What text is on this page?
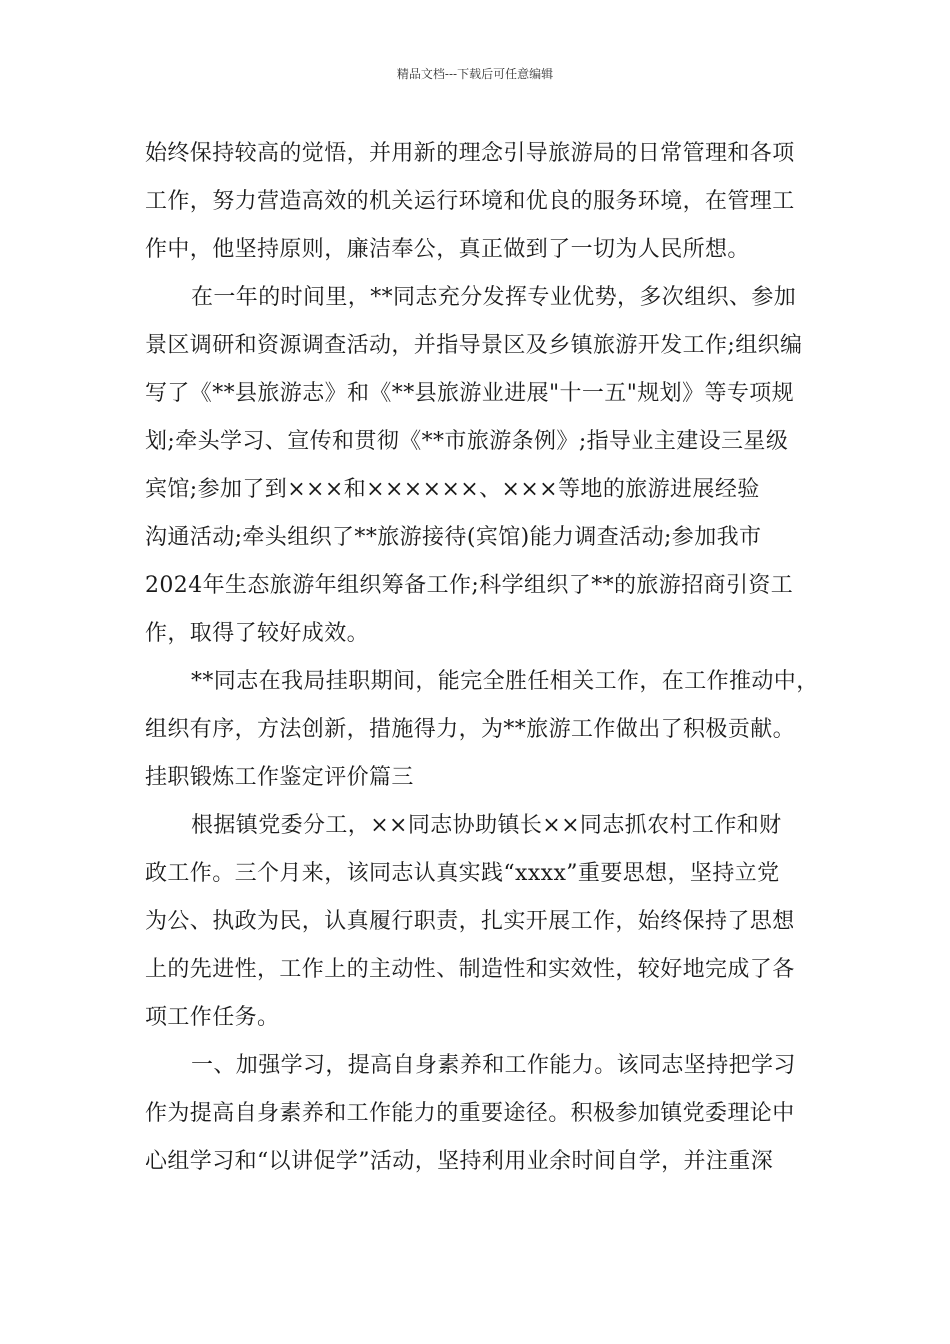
精品文档---下载后可任意编辑
始终保持较高的觉悟，并用新的理念引导旅游局的日常管理和各项
工作，努力营造高效的机关运行环境和优良的服务环境，在管理工
作中，他坚持原则，廉洁奉公，真正做到了一切为人民所想。
在一年的时间里，**同志充分发挥专业优势，多次组织、参加
景区调研和资源调查活动，并指导景区及乡镇旅游开发工作;组织编
写了《**县旅游志》和《**县旅游业进展"十一五"规划》等专项规
划;牵头学习、宣传和贯彻《**市旅游条例》;指导业主建设三星级
宾馆;参加了到×××和××××××、×××等地的旅游进展经验
沟通活动;牵头组织了**旅游接待(宾馆)能力调查活动;参加我市
2024年生态旅游年组织筹备工作;科学组织了**的旅游招商引资工
作，取得了较好成效。
**同志在我局挂职期间，能完全胜任相关工作，在工作推动中，
组织有序，方法创新，措施得力，为**旅游工作做出了积极贡献。
挂职锻炼工作鉴定评价篇三
根据镇党委分工，××同志协助镇长××同志抓农村工作和财
政工作。三个月来，该同志认真实践“xxxx”重要思想，坚持立党
为公、执政为民，认真履行职责，扎实开展工作，始终保持了思想
上的先进性，工作上的主动性、制造性和实效性，较好地完成了各
项工作任务。
一、加强学习，提高自身素养和工作能力。该同志坚持把学习
作为提高自身素养和工作能力的重要途径。积极参加镇党委理论中
心组学习和“以讲促学”活动，坚持利用业余时间自学，并注重深
